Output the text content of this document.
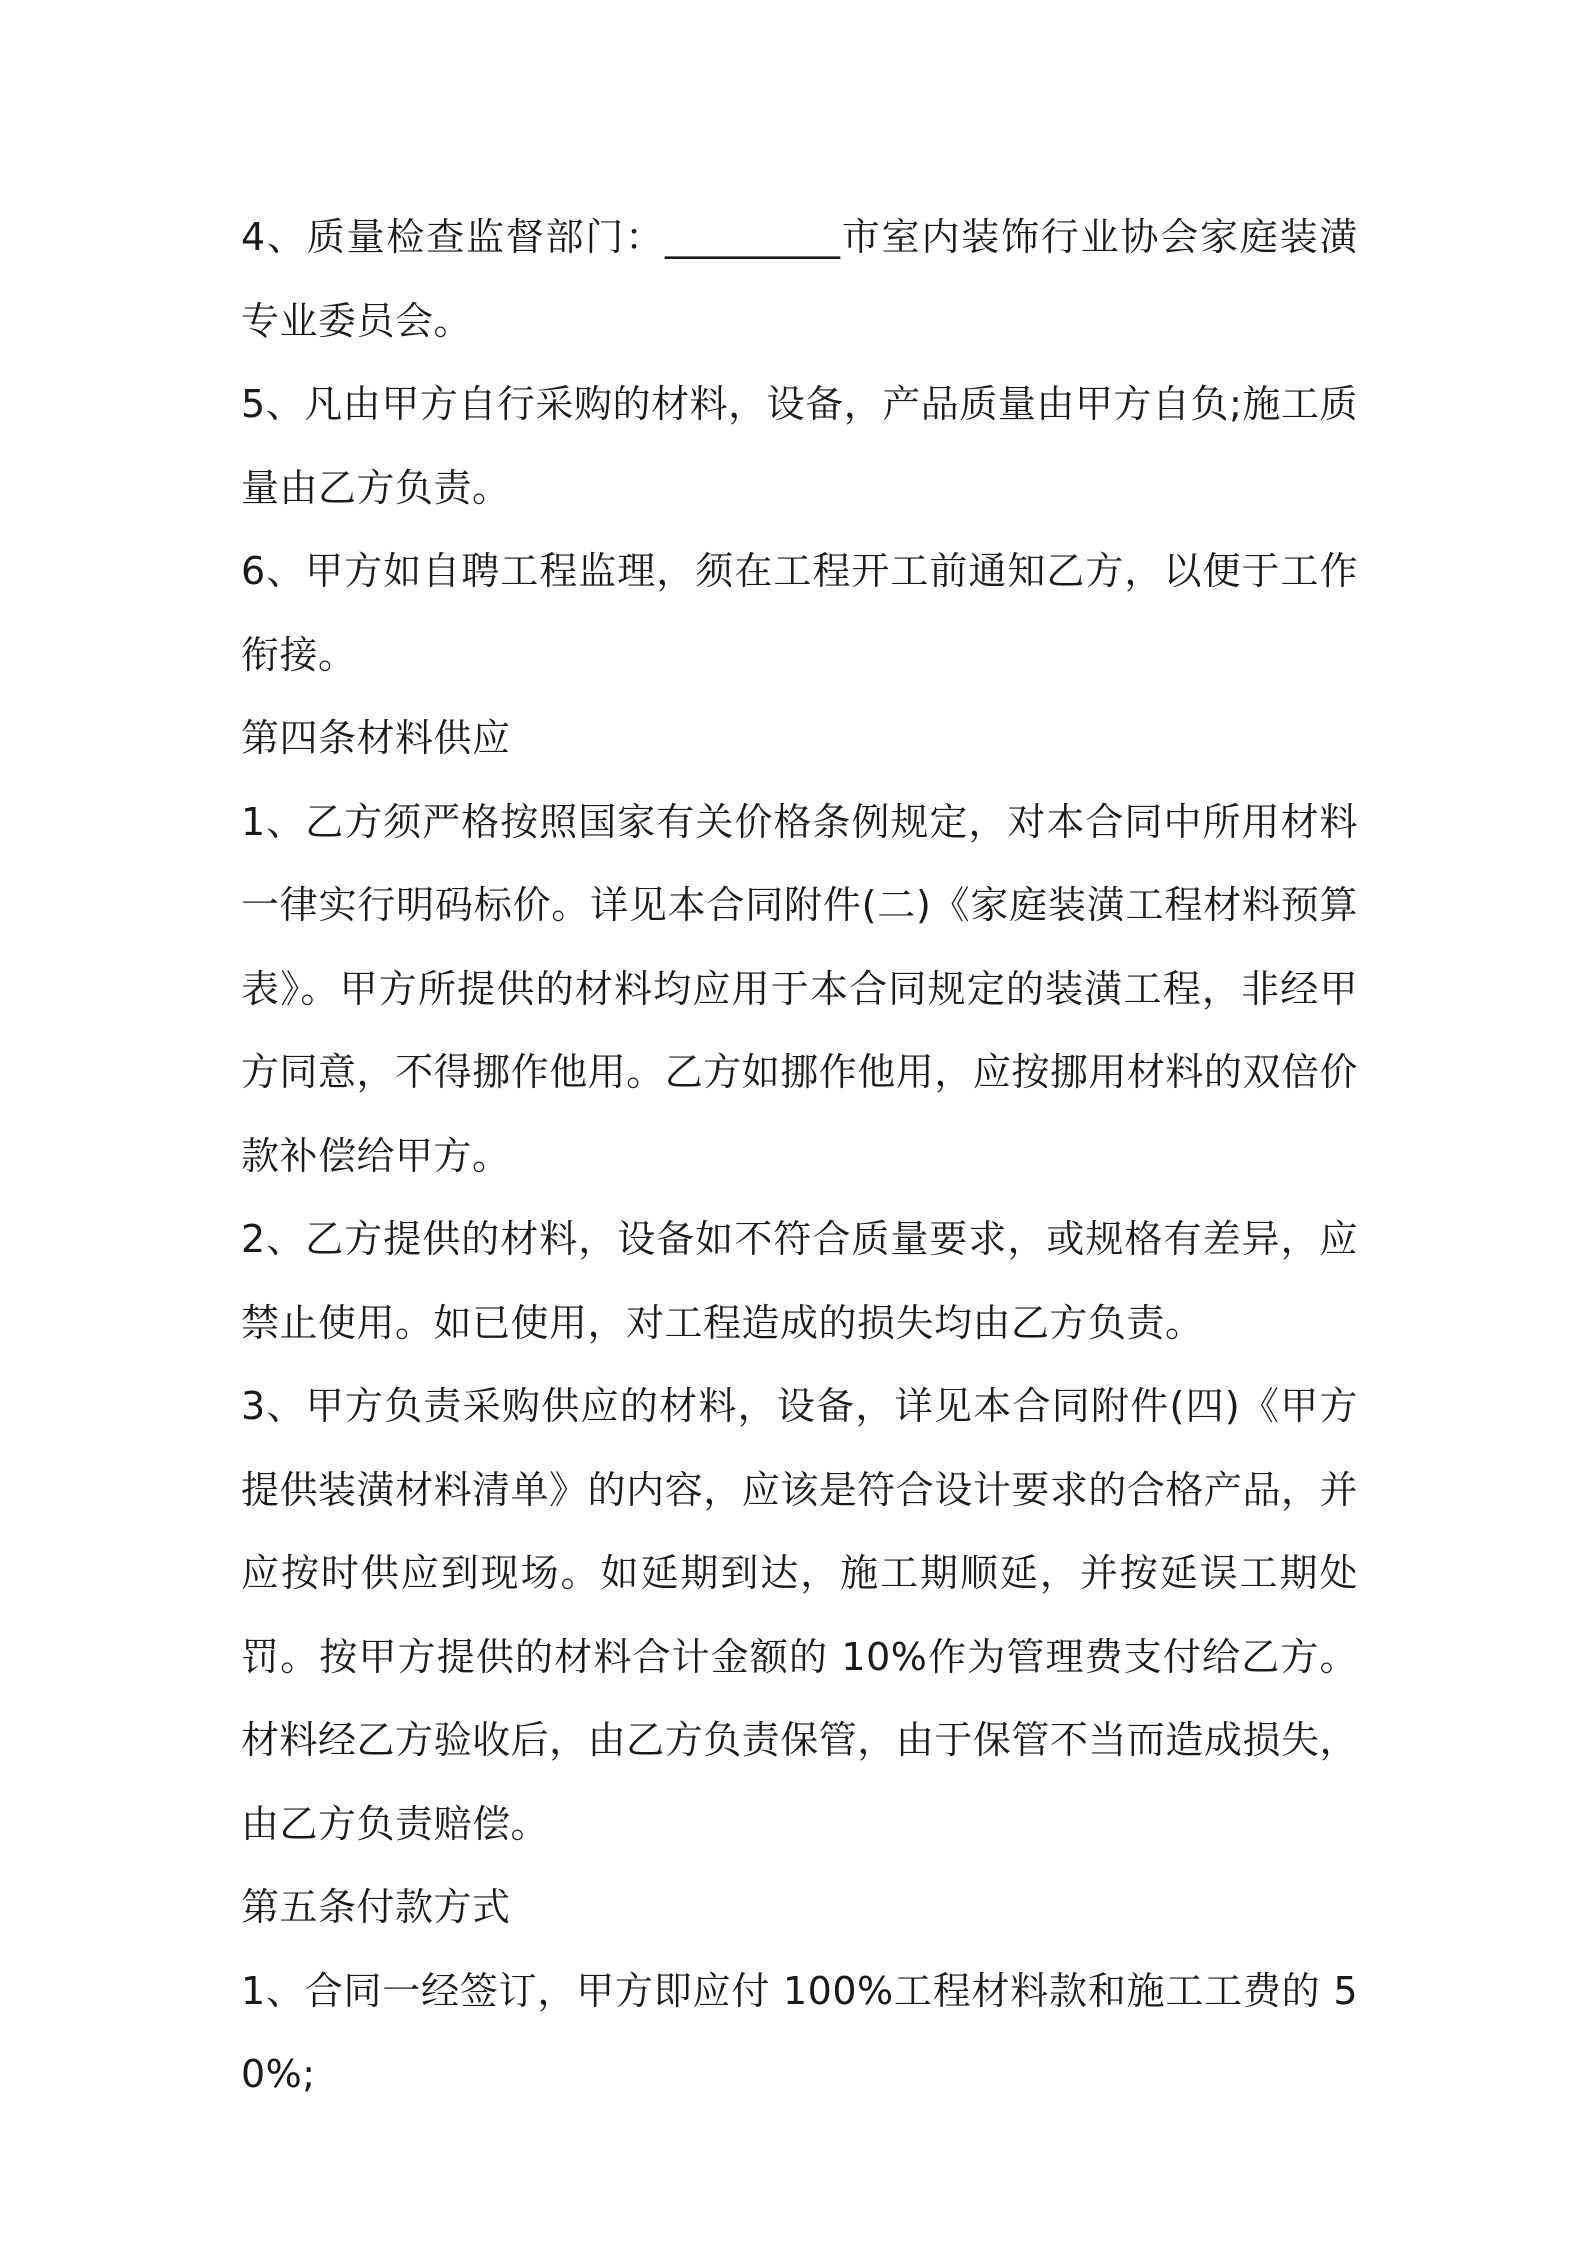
4、质量检查监督部门：_________市室内装饰行业协会家庭装潢专业委员会。

5、凡由甲方自行采购的材料，设备，产品质量由甲方自负;施工质量由乙方负责。

6、甲方如自聘工程监理，须在工程开工前通知乙方，以便于工作衔接。

第四条材料供应

1、乙方须严格按照国家有关价格条例规定，对本合同中所用材料一律实行明码标价。详见本合同附件(二)《家庭装潢工程材料预算表》。甲方所提供的材料均应用于本合同规定的装潢工程，非经甲方同意，不得挪作他用。乙方如挪作他用，应按挪用材料的双倍价款补偿给甲方。

2、乙方提供的材料，设备如不符合质量要求，或规格有差异，应禁止使用。如已使用，对工程造成的损失均由乙方负责。

3、甲方负责采购供应的材料，设备，详见本合同附件(四)《甲方提供装潢材料清单》的内容，应该是符合设计要求的合格产品，并应按时供应到现场。如延期到达，施工期顺延，并按延误工期处罚。按甲方提供的材料合计金额的 10%作为管理费支付给乙方。材料经乙方验收后，由乙方负责保管，由于保管不当而造成损失，由乙方负责赔偿。

第五条付款方式

1、合同一经签订，甲方即应付 100%工程材料款和施工工费的 50%;
